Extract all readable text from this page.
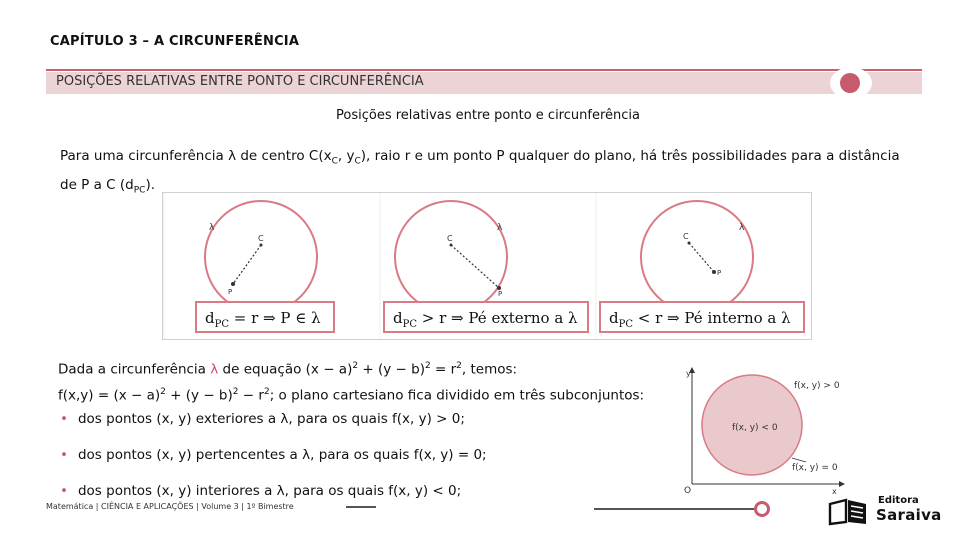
CAPÍTULO 3 – A CIRCUNFERÊNCIA
POSIÇÕES RELATIVAS ENTRE PONTO E CIRCUNFERÊNCIA
Posições relativas entre ponto e circunferência
Para uma circunferência λ de centro $C(x_C$, $y_C$), raio r e um ponto P qualquer do plano, há três possibilidades para a distância de P a C $(d_{PC})$.
λ
C
P
$d_{PC} = r$ ⇒ P ∈ λ
λ
C
P
$d_{PC} > r$ ⇒ Pé externo a λ
λ
C
P
$d_{PC} < r$ ⇒ Pé interno a λ
Dada a circunferência λ de equação $(x - a)^2 + (y - b)^2 = r^2$, temos:
$f(x,y) = (x - a)^2 + (y - b)^2 - r^2$; o plano cartesiano fica dividido em três subconjuntos:
• dos pontos (x, y) exteriores a λ, para os quais f(x, y) > 0;
• dos pontos (x, y) pertencentes a λ, para os quais f(x, y) = 0;
• dos pontos (x, y) interiores a λ, para os quais f(x, y) < 0;
y
x
O
f(x, y) > 0
f(x, y) < 0
f(x, y) = 0
Matemática | CIÊNCIA E APLICAÇÕES | Volume 3 | 1º Bimestre
Editora
Saraiva
